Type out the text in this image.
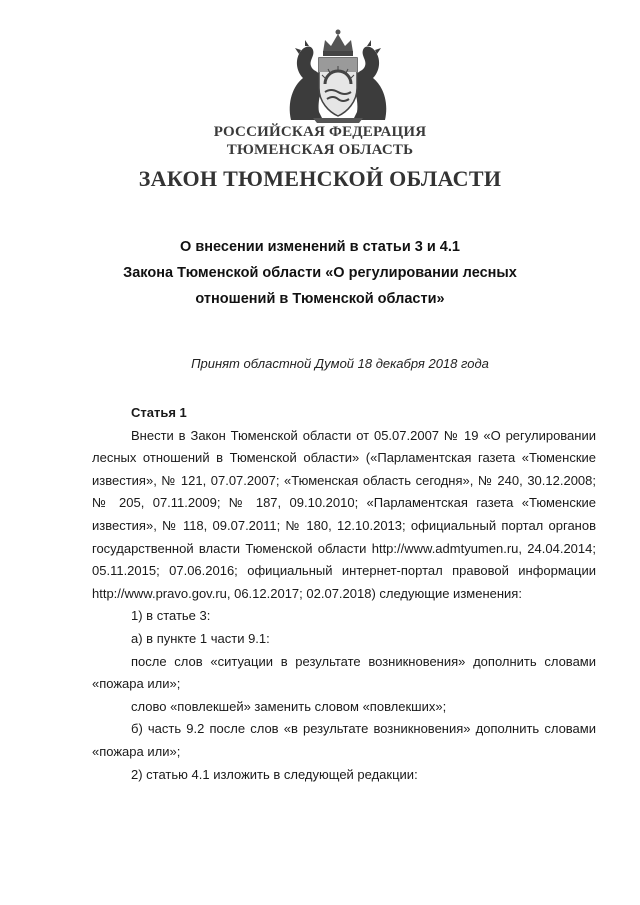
РОССИЙСКАЯ ФЕДЕРАЦИЯ
ТЮМЕНСКАЯ ОБЛАСТЬ
ЗАКОН ТЮМЕНСКОЙ ОБЛАСТИ
О внесении изменений в статьи 3 и 4.1
Закона Тюменской области «О регулировании лесных
отношений в Тюменской области»
Принят областной Думой 18 декабря 2018 года

Статья 1

Внести в Закон Тюменской области от 05.07.2007 № 19 «О регулировании
лесных отношений в Тюменской области» («Парламентская газета «Тюменские
известия», № 121, 07.07.2007; «Тюменская область сегодня», № 240, 30.12.2008;
№ 205, 07.11.2009; № 187, 09.10.2010; «Парламентская газета «Тюменские
известия», № 118, 09.07.2011; № 180, 12.10.2013; официальный портал органов
государственной власти Тюменской области http://www.admtyumen.ru, 24.04.2014;
05.11.2015; 07.06.2016; официальный интернет-портал правовой информации
http://www.pravo.gov.ru, 06.12.2017; 02.07.2018) следующие изменения:
1) в статье 3:
а) в пункте 1 части 9.1:
после слов «ситуации в результате возникновения» дополнить словами
«пожара или»;
слово «повлекшей» заменить словом «повлекших»;
б) часть 9.2 после слов «в результате возникновения» дополнить словами
«пожара или»;
2) статью 4.1 изложить в следующей редакции:
